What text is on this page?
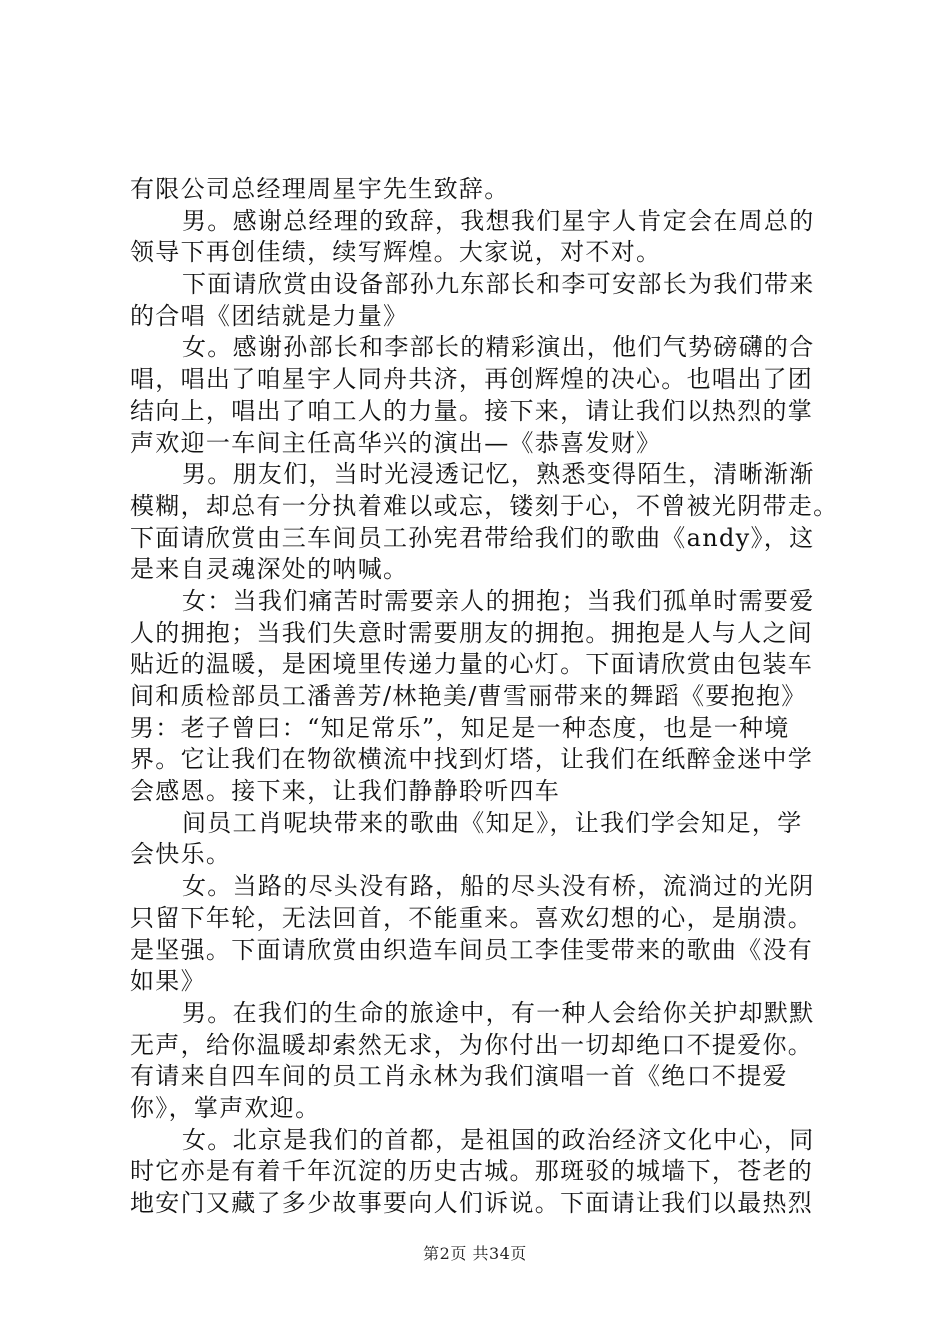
有限公司总经理周星宇先生致辞。
男。感谢总经理的致辞，我想我们星宇人肯定会在周总的
领导下再创佳绩，续写辉煌。大家说，对不对。
下面请欣赏由设备部孙九东部长和李可安部长为我们带来
的合唱《团结就是力量》
女。感谢孙部长和李部长的精彩演出，他们气势磅礴的合
唱，唱出了咱星宇人同舟共济，再创辉煌的决心。也唱出了团
结向上，唱出了咱工人的力量。接下来，请让我们以热烈的掌
声欢迎一车间主任高华兴的演出—《恭喜发财》
男。朋友们，当时光浸透记忆，熟悉变得陌生，清晰渐渐
模糊，却总有一分执着难以或忘，镂刻于心，不曾被光阴带走。
下面请欣赏由三车间员工孙宪君带给我们的歌曲《andy》，这
是来自灵魂深处的呐喊。
女：当我们痛苦时需要亲人的拥抱；当我们孤单时需要爱
人的拥抱；当我们失意时需要朋友的拥抱。拥抱是人与人之间
贴近的温暖，是困境里传递力量的心灯。下面请欣赏由包装车
间和质检部员工潘善芳/林艳美/曹雪丽带来的舞蹈《要抱抱》
男：老子曾曰：“知足常乐”，知足是一种态度，也是一种境
界。它让我们在物欲横流中找到灯塔，让我们在纸醉金迷中学
会感恩。接下来，让我们静静聆听四车
间员工肖呢块带来的歌曲《知足》，让我们学会知足，学
会快乐。
女。当路的尽头没有路，船的尽头没有桥，流淌过的光阴
只留下年轮，无法回首，不能重来。喜欢幻想的心，是崩溃。
是坚强。下面请欣赏由织造车间员工李佳雯带来的歌曲《没有
如果》
男。在我们的生命的旅途中，有一种人会给你关护却默默
无声，给你温暖却索然无求，为你付出一切却绝口不提爱你。
有请来自四车间的员工肖永林为我们演唱一首《绝口不提爱
你》，掌声欢迎。
女。北京是我们的首都，是祖国的政治经济文化中心，同
时它亦是有着千年沉淀的历史古城。那斑驳的城墙下，苍老的
地安门又藏了多少故事要向人们诉说。下面请让我们以最热烈
第2页 共34页
